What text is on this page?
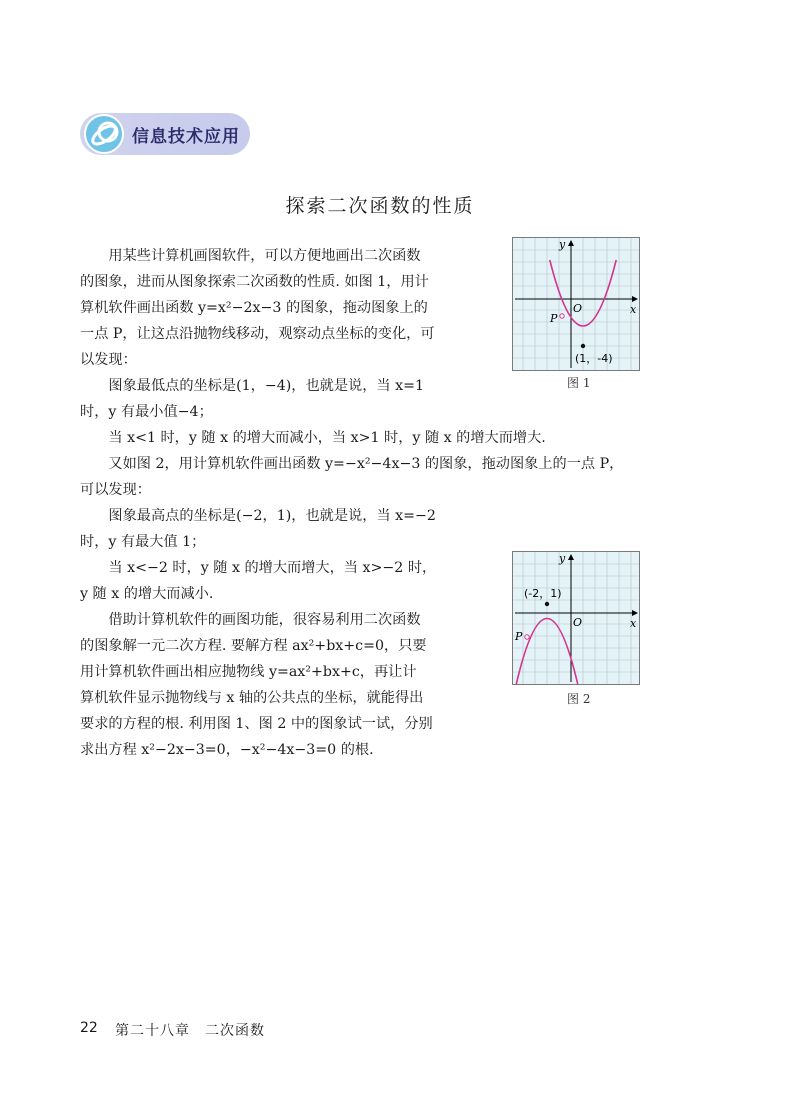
信息技术应用
探索二次函数的性质
　　用某些计算机画图软件，可以方便地画出二次函数
的图象，进而从图象探索二次函数的性质. 如图 1，用计
算机软件画出函数 y=x²−2x−3 的图象，拖动图象上的
一点 P，让这点沿抛物线移动，观察动点坐标的变化，可
以发现：
　　图象最低点的坐标是(1，−4)，也就是说，当 x=1
时，y 有最小值−4；
　　当 x<1 时，y 随 x 的增大而减小，当 x>1 时，y 随 x 的增大而增大.
　　又如图 2，用计算机软件画出函数 y=−x²−4x−3 的图象，拖动图象上的一点 P，
可以发现：
　　图象最高点的坐标是(−2，1)，也就是说，当 x=−2
时，y 有最大值 1；
　　当 x<−2 时，y 随 x 的增大而增大，当 x>−2 时，
y 随 x 的增大而减小.
　　借助计算机软件的画图功能，很容易利用二次函数
的图象解一元二次方程. 要解方程 ax²+bx+c=0，只要
用计算机软件画出相应抛物线 y=ax²+bx+c，再让计
算机软件显示抛物线与 x 轴的公共点的坐标，就能得出
要求的方程的根. 利用图 1、图 2 中的图象试一试，分别
求出方程 x²−2x−3=0，−x²−4x−3=0 的根.
x
y
O
P
(1，-4)
图 1
x
y
O
P
(-2，1)
图 2
22 第二十八章　二次函数
